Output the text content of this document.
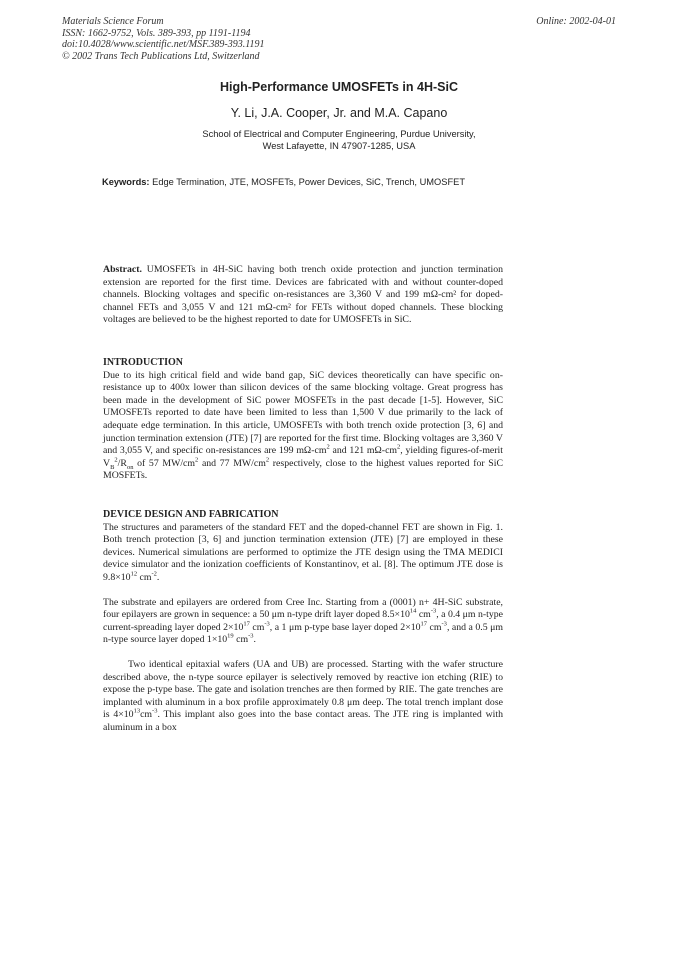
Materials Science Forum
ISSN: 1662-9752, Vols. 389-393, pp 1191-1194
doi:10.4028/www.scientific.net/MSF.389-393.1191
© 2002 Trans Tech Publications Ltd, Switzerland
Online: 2002-04-01
High-Performance UMOSFETs in 4H-SiC
Y. Li, J.A. Cooper, Jr. and M.A. Capano
School of Electrical and Computer Engineering, Purdue University,
West Lafayette, IN 47907-1285, USA
Keywords: Edge Termination, JTE, MOSFETs, Power Devices, SiC, Trench, UMOSFET

Abstract. UMOSFETs in 4H-SiC having both trench oxide protection and junction termination extension are reported for the first time. Devices are fabricated with and without counter-doped channels. Blocking voltages and specific on-resistances are 3,360 V and 199 mΩ-cm² for doped-channel FETs and 3,055 V and 121 mΩ-cm² for FETs without doped channels. These blocking voltages are believed to be the highest reported to date for UMOSFETs in SiC.

INTRODUCTION

Due to its high critical field and wide band gap, SiC devices theoretically can have specific on-resistance up to 400x lower than silicon devices of the same blocking voltage. Great progress has been made in the development of SiC power MOSFETs in the past decade [1-5]. However, SiC UMOSFETs reported to date have been limited to less than 1,500 V due primarily to the lack of adequate edge termination. In this article, UMOSFETs with both trench oxide protection [3, 6] and junction termination extension (JTE) [7] are reported for the first time. Blocking voltages are 3,360 V and 3,055 V, and specific on-resistances are 199 $m\Omega-cm^2$ and 121 $m\Omega-cm^2$, yielding figures-of-merit $V_B^2/R_{on}$ of 57 $MW/cm^2$ and 77 $MW/cm^2$ respectively, close to the highest values reported for SiC MOSFETs.

DEVICE DESIGN AND FABRICATION

The structures and parameters of the standard FET and the doped-channel FET are shown in Fig. 1. Both trench protection [3, 6] and junction termination extension (JTE) [7] are employed in these devices. Numerical simulations are performed to optimize the JTE design using the TMA MEDICI device simulator and the ionization coefficients of Konstantinov, et al. [8]. The optimum JTE dose is $9.8\times 10^{12}$ $cm^{-2}$.

The substrate and epilayers are ordered from Cree Inc. Starting from a (0001) n+ 4H-SiC substrate, four epilayers are grown in sequence: a 50 μm n-type drift layer doped $8.5\times 10^{14}$ $cm^{-3}$, a 0.4 μm n-type current-spreading layer doped $2\times 10^{17}$ $cm^{-3}$, a 1 μm p-type base layer doped $2\times 10^{17}$ $cm^{-3}$, and a 0.5 μm n-type source layer doped $1\times 10^{19}$ $cm^{-3}$.

Two identical epitaxial wafers (UA and UB) are processed. Starting with the wafer structure described above, the n-type source epilayer is selectively removed by reactive ion etching (RIE) to expose the p-type base. The gate and isolation trenches are then formed by RIE. The gate trenches are implanted with aluminum in a box profile approximately 0.8 μm deep. The total trench implant dose is $4\times 10^{13}cm^{-3}$. This implant also goes into the base contact areas. The JTE ring is implanted with aluminum in a box
